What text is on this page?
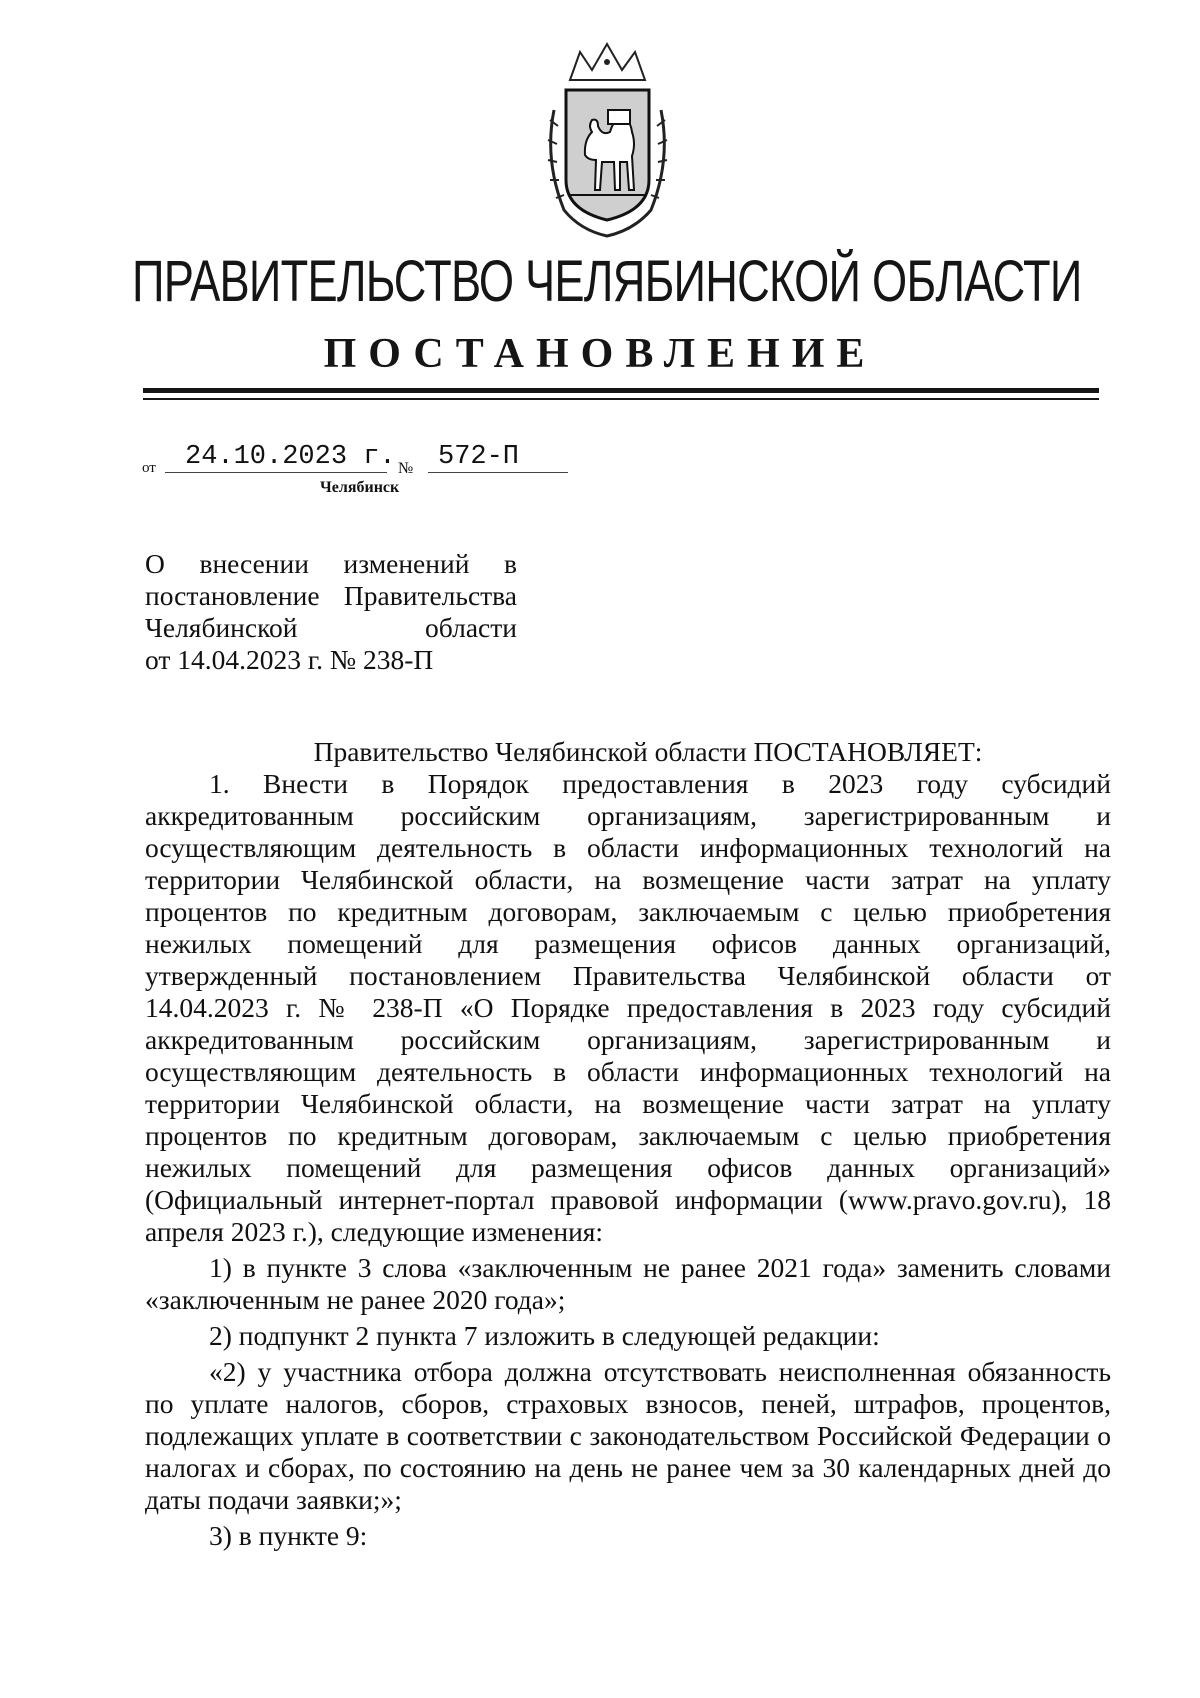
ПРАВИТЕЛЬСТВО ЧЕЛЯБИНСКОЙ ОБЛАСТИ
ПОСТАНОВЛЕНИЕ
от 24.10.2023 г. № 572-П
Челябинск
О внесении изменений в
постановление Правительства
Челябинской области
от 14.04.2023 г. № 238-П
Правительство Челябинской области ПОСТАНОВЛЯЕТ:
1. Внести в Порядок предоставления в 2023 году субсидий аккредитованным российским организациям, зарегистрированным и осуществляющим деятельность в области информационных технологий на территории Челябинской области, на возмещение части затрат на уплату процентов по кредитным договорам, заключаемым с целью приобретения нежилых помещений для размещения офисов данных организаций, утвержденный постановлением Правительства Челябинской области от 14.04.2023 г. № 238-П «О Порядке предоставления в 2023 году субсидий аккредитованным российским организациям, зарегистрированным и осуществляющим деятельность в области информационных технологий на территории Челябинской области, на возмещение части затрат на уплату процентов по кредитным договорам, заключаемым с целью приобретения нежилых помещений для размещения офисов данных организаций» (Официальный интернет-портал правовой информации (www.pravo.gov.ru), 18 апреля 2023 г.), следующие изменения:
1) в пункте 3 слова «заключенным не ранее 2021 года» заменить словами «заключенным не ранее 2020 года»;
2) подпункт 2 пункта 7 изложить в следующей редакции:
«2) у участника отбора должна отсутствовать неисполненная обязанность по уплате налогов, сборов, страховых взносов, пеней, штрафов, процентов, подлежащих уплате в соответствии с законодательством Российской Федерации о налогах и сборах, по состоянию на день не ранее чем за 30 календарных дней до даты подачи заявки;»;
3) в пункте 9:
